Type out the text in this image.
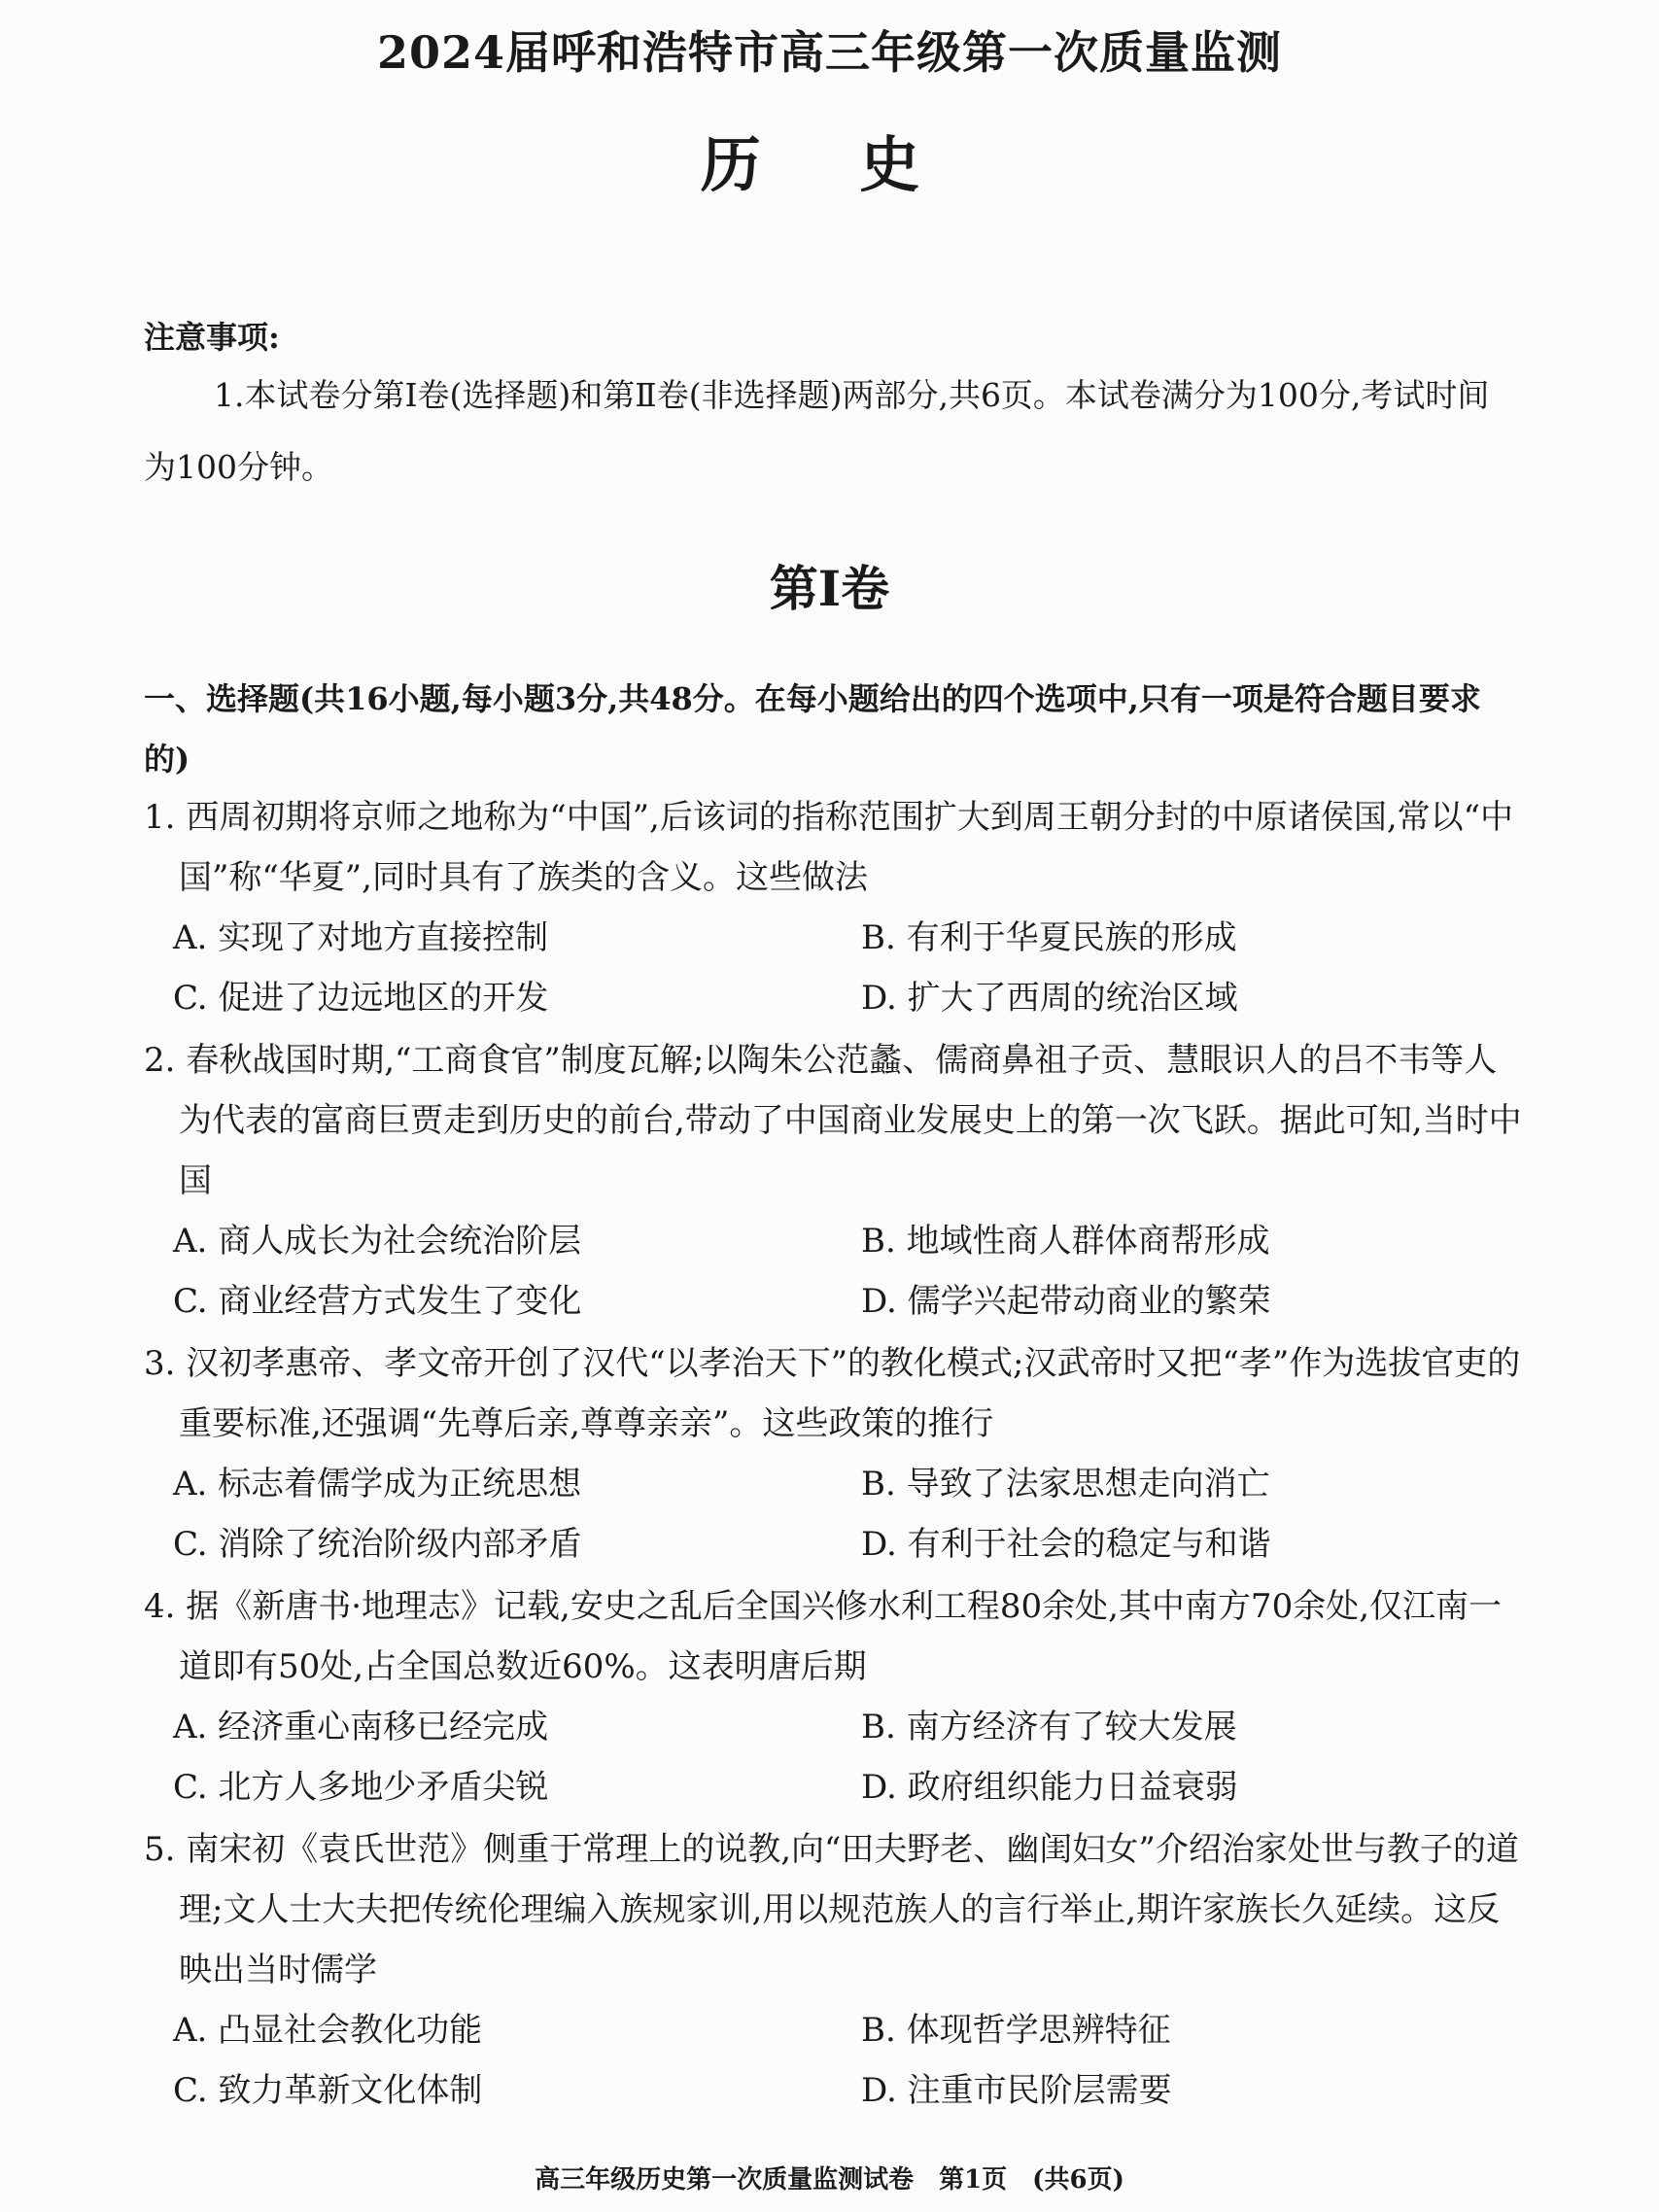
2024届呼和浩特市高三年级第一次质量监测
历 史
注意事项:
1.本试卷分第Ⅰ卷(选择题)和第Ⅱ卷(非选择题)两部分,共6页。本试卷满分为100分,考试时间为100分钟。
第Ⅰ卷
一、选择题(共16小题,每小题3分,共48分。在每小题给出的四个选项中,只有一项是符合题目要求的)
1. 西周初期将京师之地称为“中国”,后该词的指称范围扩大到周王朝分封的中原诸侯国,常以“中国”称“华夏”,同时具有了族类的含义。这些做法
A. 实现了对地方直接控制	B. 有利于华夏民族的形成
C. 促进了边远地区的开发	D. 扩大了西周的统治区域
2. 春秋战国时期,“工商食官”制度瓦解;以陶朱公范蠡、儒商鼻祖子贡、慧眼识人的吕不韦等人为代表的富商巨贾走到历史的前台,带动了中国商业发展史上的第一次飞跃。据此可知,当时中国
A. 商人成长为社会统治阶层	B. 地域性商人群体商帮形成
C. 商业经营方式发生了变化	D. 儒学兴起带动商业的繁荣
3. 汉初孝惠帝、孝文帝开创了汉代“以孝治天下”的教化模式;汉武帝时又把“孝”作为选拔官吏的重要标准,还强调“先尊后亲,尊尊亲亲”。这些政策的推行
A. 标志着儒学成为正统思想	B. 导致了法家思想走向消亡
C. 消除了统治阶级内部矛盾	D. 有利于社会的稳定与和谐
4. 据《新唐书·地理志》记载,安史之乱后全国兴修水利工程80余处,其中南方70余处,仅江南一道即有50处,占全国总数近60%。这表明唐后期
A. 经济重心南移已经完成	B. 南方经济有了较大发展
C. 北方人多地少矛盾尖锐	D. 政府组织能力日益衰弱
5. 南宋初《袁氏世范》侧重于常理上的说教,向“田夫野老、幽闺妇女”介绍治家处世与教子的道理;文人士大夫把传统伦理编入族规家训,用以规范族人的言行举止,期许家族长久延续。这反映出当时儒学
A. 凸显社会教化功能	B. 体现哲学思辨特征
C. 致力革新文化体制	D. 注重市民阶层需要
高三年级历史第一次质量监测试卷　第1页　(共6页)
